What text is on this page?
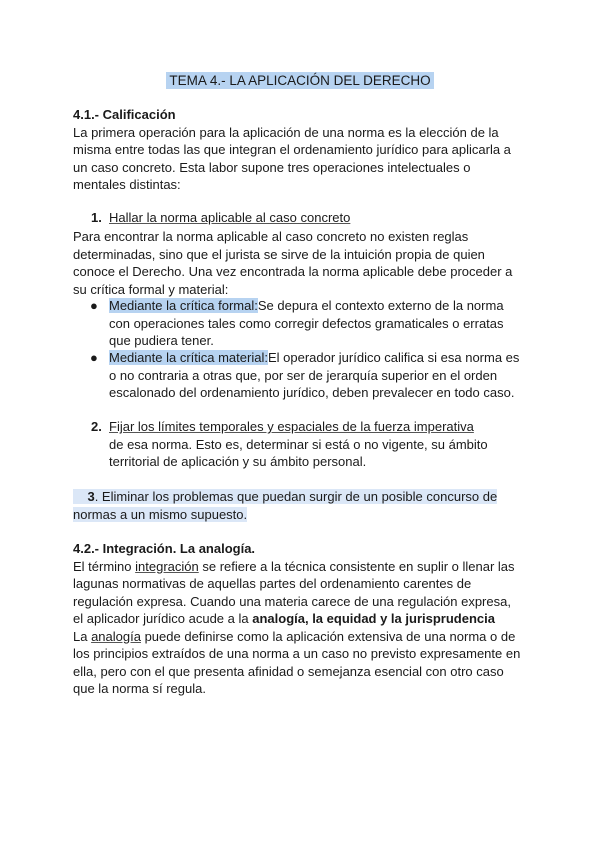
TEMA 4.- LA APLICACIÓN DEL DERECHO
4.1.- Calificación

La primera operación para la aplicación de una norma es la elección de la

misma entre todas las que integran el ordenamiento jurídico para aplicarla a

un caso concreto. Esta labor supone tres operaciones intelectuales o

mentales distintas:

1. Hallar la norma aplicable al caso concreto

Para encontrar la norma aplicable al caso concreto no existen reglas

determinadas, sino que el jurista se sirve de la intuición propia de quien

conoce el Derecho. Una vez encontrada la norma aplicable debe proceder a

su crítica formal y material:

● Mediante la crítica formal:Se depura el contexto externo de la norma

con operaciones tales como corregir defectos gramaticales o erratas

que pudiera tener.

● Mediante la crítica material:El operador jurídico califica si esa norma es

o no contraria a otras que, por ser de jerarquía superior en el orden

escalonado del ordenamiento jurídico, deben prevalecer en todo caso.

2. Fijar los límites temporales y espaciales de la fuerza imperativa

de esa norma. Esto es, determinar si está o no vigente, su ámbito

territorial de aplicación y su ámbito personal.

3. Eliminar los problemas que puedan surgir de un posible concurso de

normas a un mismo supuesto.

4.2.- Integración. La analogía.

El término integración se refiere a la técnica consistente en suplir o llenar las

lagunas normativas de aquellas partes del ordenamiento carentes de

regulación expresa. Cuando una materia carece de una regulación expresa,

el aplicador jurídico acude a la analogía, la equidad y la jurisprudencia

La analogía puede definirse como la aplicación extensiva de una norma o de

los principios extraídos de una norma a un caso no previsto expresamente en

ella, pero con el que presenta afinidad o semejanza esencial con otro caso

que la norma sí regula.
